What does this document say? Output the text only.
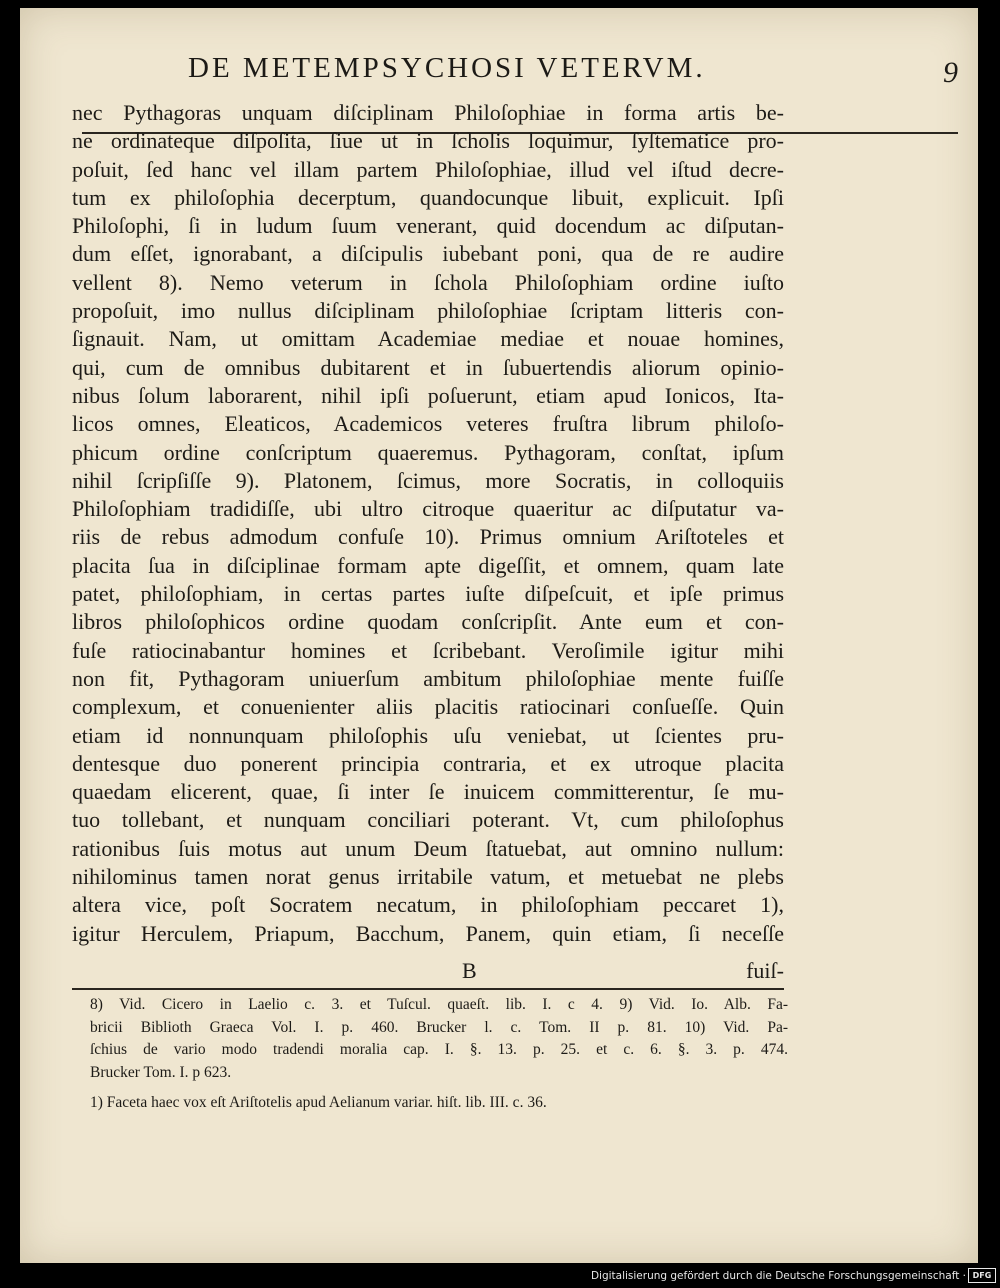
DE METEMPSYCHOSI VETERVM.	9
nec Pythagoras unquam diſciplinam Philoſophiae in forma artis be-
ne ordinateque diſpoſita, ſiue ut in ſcholis loquimur, ſyſtematice pro-
poſuit, ſed hanc vel illam partem Philoſophiae, illud vel iſtud decre-
tum ex philoſophia decerptum, quandocunque libuit, explicuit. Ipſi
Philoſophi, ſi in ludum ſuum venerant, quid docendum ac diſputan-
dum eſſet, ignorabant, a diſcipulis iubebant poni, qua de re audire
vellent 8). Nemo veterum in ſchola Philoſophiam ordine iuſto
propoſuit, imo nullus diſciplinam philoſophiae ſcriptam litteris con-
ſignauit. Nam, ut omittam Academiae mediae et nouae homines,
qui, cum de omnibus dubitarent et in ſubuertendis aliorum opinio-
nibus ſolum laborarent, nihil ipſi poſuerunt, etiam apud Ionicos, Ita-
licos omnes, Eleaticos, Academicos veteres fruſtra librum philoſo-
phicum ordine conſcriptum quaeremus. Pythagoram, conſtat, ipſum
nihil ſcripſiſſe 9). Platonem, ſcimus, more Socratis, in colloquiis
Philoſophiam tradidiſſe, ubi ultro citroque quaeritur ac diſputatur va-
riis de rebus admodum confuſe 10). Primus omnium Ariſtoteles et
placita ſua in diſciplinae formam apte digeſſit, et omnem, quam late
patet, philoſophiam, in certas partes iuſte diſpeſcuit, et ipſe primus
libros philoſophicos ordine quodam conſcripſit. Ante eum et con-
fuſe ratiocinabantur homines et ſcribebant. Veroſimile igitur mihi
non fit, Pythagoram uniuerſum ambitum philoſophiae mente fuiſſe
complexum, et conuenienter aliis placitis ratiocinari conſueſſe. Quin
etiam id nonnunquam philoſophis uſu veniebat, ut ſcientes pru-
dentesque duo ponerent principia contraria, et ex utroque placita
quaedam elicerent, quae, ſi inter ſe inuicem committerentur, ſe mu-
tuo tollebant, et nunquam conciliari poterant. Vt, cum philoſophus
rationibus ſuis motus aut unum Deum ſtatuebat, aut omnino nullum:
nihilominus tamen norat genus irritabile vatum, et metuebat ne plebs
altera vice, poſt Socratem necatum, in philoſophiam peccaret 1),
igitur Herculem, Priapum, Bacchum, Panem, quin etiam, ſi neceſſe
B	fuiſ-
8) Vid. Cicero in Laelio c. 3. et Tuſcul. quaeſt. lib. I. c 4. 9) Vid. Io. Alb. Fa-
bricii Biblioth Graeca Vol. I. p. 460. Brucker l. c. Tom. II p. 81. 10) Vid. Pa-
ſchius de vario modo tradendi moralia cap. I. §. 13. p. 25. et c. 6. §. 3. p. 474.
Brucker Tom. I. p 623.
1) Faceta haec vox eſt Ariſtotelis apud Aelianum variar. hiſt. lib. III. c. 36.
Digitalisierung gefördert durch die Deutsche Forschungsgemeinschaft · DFG
